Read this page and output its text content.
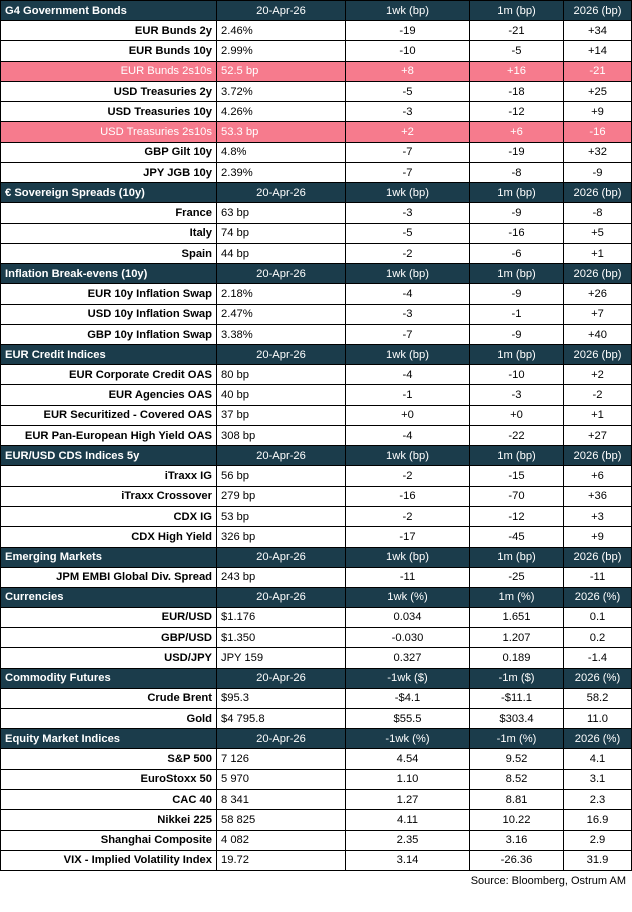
G4 Government Bonds	20-Apr-26	1wk (bp)	1m (bp)	2026 (bp)
EUR Bunds 2y	2.46%	-19	-21	+34
EUR Bunds 10y	2.99%	-10	-5	+14
EUR Bunds 2s10s	52.5 bp	+8	+16	-21
USD Treasuries 2y	3.72%	-5	-18	+25
USD Treasuries 10y	4.26%	-3	-12	+9
USD Treasuries 2s10s	53.3 bp	+2	+6	-16
GBP Gilt 10y	4.8%	-7	-19	+32
JPY JGB 10y	2.39%	-7	-8	-9
€ Sovereign Spreads (10y)	20-Apr-26	1wk (bp)	1m (bp)	2026 (bp)
France	63 bp	-3	-9	-8
Italy	74 bp	-5	-16	+5
Spain	44 bp	-2	-6	+1
Inflation Break-evens (10y)	20-Apr-26	1wk (bp)	1m (bp)	2026 (bp)
EUR 10y Inflation Swap	2.18%	-4	-9	+26
USD 10y Inflation Swap	2.47%	-3	-1	+7
GBP 10y Inflation Swap	3.38%	-7	-9	+40
EUR Credit Indices	20-Apr-26	1wk (bp)	1m (bp)	2026 (bp)
EUR Corporate Credit OAS	80 bp	-4	-10	+2
EUR Agencies OAS	40 bp	-1	-3	-2
EUR Securitized - Covered OAS	37 bp	+0	+0	+1
EUR Pan-European High Yield OAS	308 bp	-4	-22	+27
EUR/USD CDS Indices 5y	20-Apr-26	1wk (bp)	1m (bp)	2026 (bp)
iTraxx IG	56 bp	-2	-15	+6
iTraxx Crossover	279 bp	-16	-70	+36
CDX IG	53 bp	-2	-12	+3
CDX High Yield	326 bp	-17	-45	+9
Emerging Markets	20-Apr-26	1wk (bp)	1m (bp)	2026 (bp)
JPM EMBI Global Div. Spread	243 bp	-11	-25	-11
Currencies	20-Apr-26	1wk (%)	1m (%)	2026 (%)
EUR/USD	$1.176	0.034	1.651	0.1
GBP/USD	$1.350	-0.030	1.207	0.2
USD/JPY	JPY 159	0.327	0.189	-1.4
Commodity Futures	20-Apr-26	-1wk ($)	-1m ($)	2026 (%)
Crude Brent	$95.3	-$4.1	-$11.1	58.2
Gold	$4 795.8	$55.5	$303.4	11.0
Equity Market Indices	20-Apr-26	-1wk (%)	-1m (%)	2026 (%)
S&P 500	7 126	4.54	9.52	4.1
EuroStoxx 50	5 970	1.10	8.52	3.1
CAC 40	8 341	1.27	8.81	2.3
Nikkei 225	58 825	4.11	10.22	16.9
Shanghai Composite	4 082	2.35	3.16	2.9
VIX - Implied Volatility Index	19.72	3.14	-26.36	31.9
Source: Bloomberg, Ostrum AM
